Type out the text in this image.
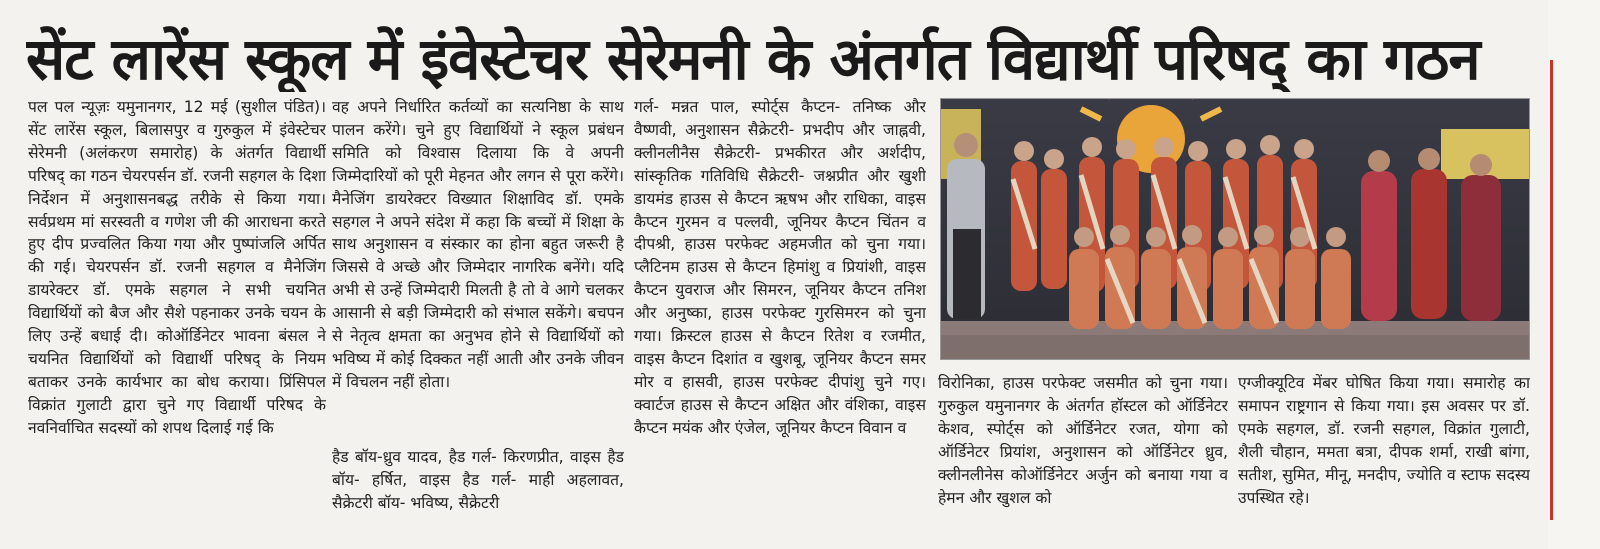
सेंट लारेंस स्कूल में इंवेस्टेचर सेरेमनी के अंतर्गत विद्यार्थी परिषद् का गठन
पल पल न्यूज़ः यमुनानगर, 12 मई (सुशील पंडित)। सेंट लारेंस स्कूल, बिलासपुर व गुरुकुल में इंवेस्टेचर सेरेमनी (अलंकरण समारोह) के अंतर्गत विद्यार्थी परिषद् का गठन चेयरपर्सन डॉ. रजनी सहगल के दिशा निर्देशन में अनुशासनबद्ध तरीके से किया गया। सर्वप्रथम मां सरस्वती व गणेश जी की आराधना करते हुए दीप प्रज्वलित किया गया और पुष्पांजलि अर्पित की गई। चेयरपर्सन डॉ. रजनी सहगल व मैनेजिंग डायरेक्टर डॉ. एमके सहगल ने सभी चयनित विद्यार्थियों को बैज और सैशे पहनाकर उनके चयन के लिए उन्हें बधाई दी। कोऑर्डिनेटर भावना बंसल ने चयनित विद्यार्थियों को विद्यार्थी परिषद् के नियम बताकर उनके कार्यभार का बोध कराया। प्रिंसिपल विक्रांत गुलाटी द्वारा चुने गए विद्यार्थी परिषद के नवनिर्वाचित सदस्यों को शपथ दिलाई गई कि
वह अपने निर्धारित कर्तव्यों का सत्यनिष्ठा के साथ पालन करेंगे। चुने हुए विद्यार्थियों ने स्कूल प्रबंधन समिति को विश्वास दिलाया कि वे अपनी जिम्मेदारियों को पूरी मेहनत और लगन से पूरा करेंगे। मैनेजिंग डायरेक्टर विख्यात शिक्षाविद डॉ. एमके सहगल ने अपने संदेश में कहा कि बच्चों में शिक्षा के साथ अनुशासन व संस्कार का होना बहुत जरूरी है जिससे वे अच्छे और जिम्मेदार नागरिक बनेंगे। यदि अभी से उन्हें जिम्मेदारी मिलती है तो वे आगे चलकर आसानी से बड़ी जिम्मेदारी को संभाल सकेंगे। बचपन से नेतृत्व क्षमता का अनुभव होने से विद्यार्थियों को भविष्य में कोई दिक्कत नहीं आती और उनके जीवन में विचलन नहीं होता।
हैड बॉय-ध्रुव यादव, हैड गर्ल- किरणप्रीत, वाइस हैड बॉय- हर्षित, वाइस हैड गर्ल- माही अहलावत, सैक्रेटरी बॉय- भविष्य, सैक्रेटरी
गर्ल- मन्नत पाल, स्पोर्ट्स कैप्टन- तनिष्क और वैष्णवी, अनुशासन सैक्रेटरी- प्रभदीप और जाह्नवी, क्लीनलीनैस सैक्रेटरी- प्रभकीरत और अर्शदीप, सांस्कृतिक गतिविधि सैक्रेटरी- जश्नप्रीत और खुशी डायमंड हाउस से कैप्टन ऋषभ और राधिका, वाइस कैप्टन गुरमन व पल्लवी, जूनियर कैप्टन चिंतन व दीपश्री, हाउस परफेक्ट अहमजीत को चुना गया। प्लैटिनम हाउस से कैप्टन हिमांशु व प्रियांशी, वाइस कैप्टन युवराज और सिमरन, जूनियर कैप्टन तनिश और अनुष्का, हाउस परफेक्ट गुरसिमरन को चुना गया। क्रिस्टल हाउस से कैप्टन रितेश व रजमीत, वाइस कैप्टन दिशांत व खुशबू, जूनियर कैप्टन समर मोर व हासवी, हाउस परफेक्ट दीपांशु चुने गए। क्वार्टज हाउस से कैप्टन अक्षित और वंशिका, वाइस कैप्टन मयंक और एंजेल, जूनियर कैप्टन विवान व
विरोनिका, हाउस परफेक्ट जसमीत को चुना गया। गुरुकुल यमुनानगर के अंतर्गत हॉस्टल को ऑर्डिनेटर केशव, स्पोर्ट्स को ऑर्डिनेटर रजत, योगा को ऑर्डिनेटर प्रियांश, अनुशासन को ऑर्डिनेटर ध्रुव, क्लीनलीनेस कोऑर्डिनेटर अर्जुन को बनाया गया व हेमन और खुशल को
एग्जीक्यूटिव मेंबर घोषित किया गया। समारोह का समापन राष्ट्रगान से किया गया। इस अवसर पर डॉ. एमके सहगल, डॉ. रजनी सहगल, विक्रांत गुलाटी, शैली चौहान, ममता बत्रा, दीपक शर्मा, राखी बांगा, सतीश, सुमित, मीनू, मनदीप, ज्योति व स्टाफ सदस्य उपस्थित रहे।
